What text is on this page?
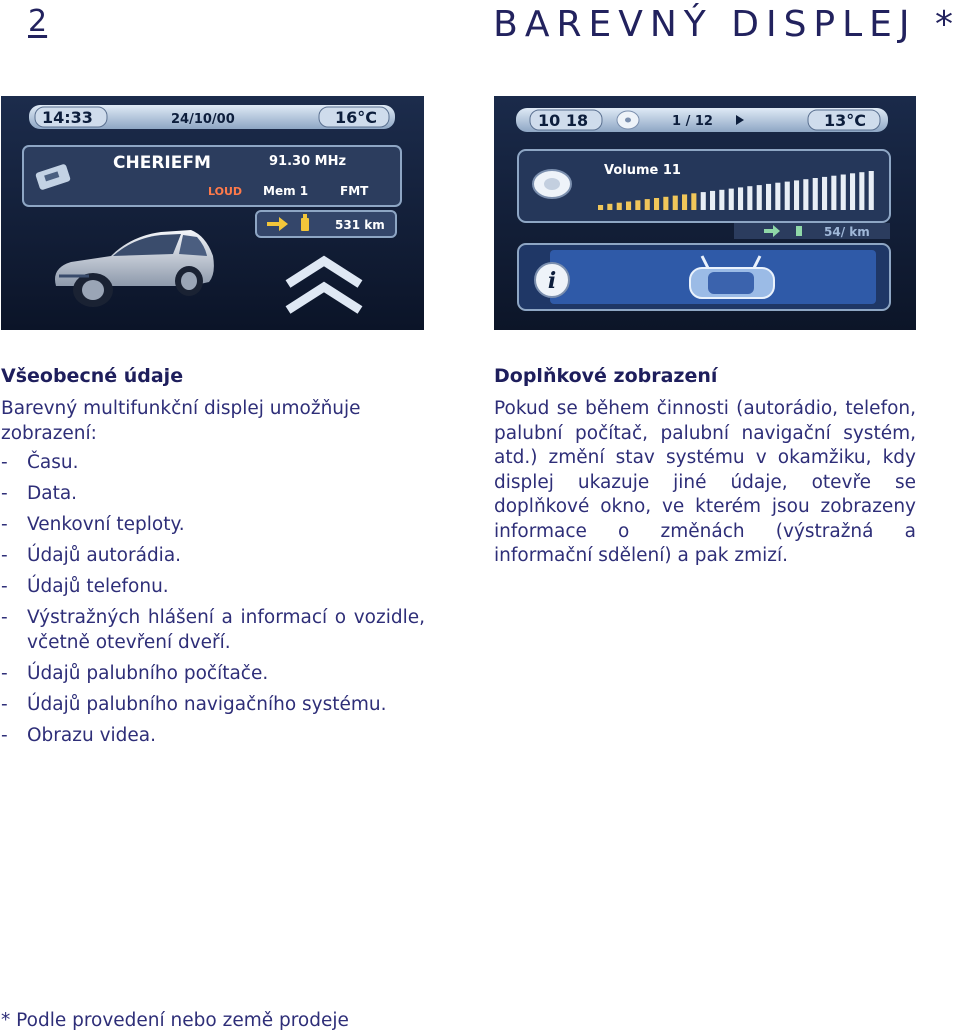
2	BAREVNÝ DISPLEJ *
14:33	24/10/00	16°C
CHERIEFM	91.30 MHz
LOUD Mem 1	FMT
531 km
10 18	1 / 12	13°C
Volume 11
54/ km
i
Všeobecné údaje
Barevný multifunkční displej umožňuje zobrazení:
- Času.
- Data.
- Venkovní teploty.
- Údajů autorádia.
- Údajů telefonu.
- Výstražných hlášení a informací o vozidle, včetně otevření dveří.
- Údajů palubního počítače.
- Údajů palubního navigačního systému.
- Obrazu videa.
Doplňkové zobrazení
Pokud se během činnosti (autorádio, telefon, palubní počítač, palubní navigační systém, atd.) změní stav systému v okamžiku, kdy displej ukazuje jiné údaje, otevře se doplňkové okno, ve kterém jsou zobrazeny informace o změnách (výstražná a informační sdělení) a pak zmizí.
* Podle provedení nebo země prodeje
